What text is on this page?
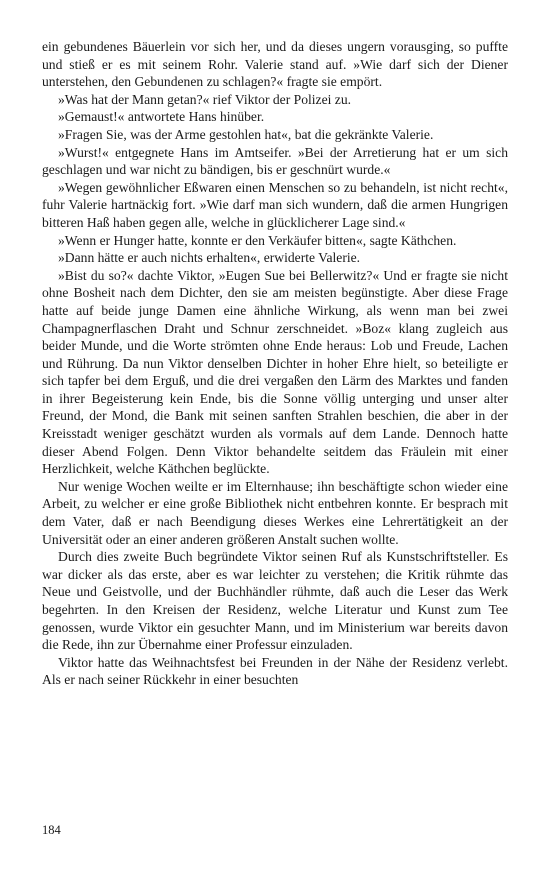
ein gebundenes Bäuerlein vor sich her, und da dieses ungern vorausging, so puffte und stieß er es mit seinem Rohr. Valerie stand auf. »Wie darf sich der Diener unterstehen, den Gebundenen zu schlagen?« fragte sie empört.

»Was hat der Mann getan?« rief Viktor der Polizei zu.

»Gemaust!« antwortete Hans hinüber.

»Fragen Sie, was der Arme gestohlen hat«, bat die gekränkte Valerie.

»Wurst!« entgegnete Hans im Amtseifer. »Bei der Arretierung hat er um sich geschlagen und war nicht zu bändigen, bis er geschnürt wurde.«

»Wegen gewöhnlicher Eßwaren einen Menschen so zu behandeln, ist nicht recht«, fuhr Valerie hartnäckig fort. »Wie darf man sich wundern, daß die armen Hungrigen bitteren Haß haben gegen alle, welche in glücklicherer Lage sind.«

»Wenn er Hunger hatte, konnte er den Verkäufer bitten«, sagte Käthchen.

»Dann hätte er auch nichts erhalten«, erwiderte Valerie.

»Bist du so?« dachte Viktor, »Eugen Sue bei Bellerwitz?« Und er fragte sie nicht ohne Bosheit nach dem Dichter, den sie am meisten begünstigte. Aber diese Frage hatte auf beide junge Damen eine ähnliche Wirkung, als wenn man bei zwei Champagnerflaschen Draht und Schnur zerschneidet. »Boz« klang zugleich aus beider Munde, und die Worte strömten ohne Ende heraus: Lob und Freude, Lachen und Rührung. Da nun Viktor denselben Dichter in hoher Ehre hielt, so beteiligte er sich tapfer bei dem Erguß, und die drei vergaßen den Lärm des Marktes und fanden in ihrer Begeisterung kein Ende, bis die Sonne völlig unterging und unser alter Freund, der Mond, die Bank mit seinen sanften Strahlen beschien, die aber in der Kreisstadt weniger geschätzt wurden als vormals auf dem Lande. Dennoch hatte dieser Abend Folgen. Denn Viktor behandelte seitdem das Fräulein mit einer Herzlichkeit, welche Käthchen beglückte.

Nur wenige Wochen weilte er im Elternhause; ihn beschäftigte schon wieder eine Arbeit, zu welcher er eine große Bibliothek nicht entbehren konnte. Er besprach mit dem Vater, daß er nach Beendigung dieses Werkes eine Lehrertätigkeit an der Universität oder an einer anderen größeren Anstalt suchen wollte.

Durch dies zweite Buch begründete Viktor seinen Ruf als Kunstschriftsteller. Es war dicker als das erste, aber es war leichter zu verstehen; die Kritik rühmte das Neue und Geistvolle, und der Buchhändler rühmte, daß auch die Leser das Werk begehrten. In den Kreisen der Residenz, welche Literatur und Kunst zum Tee genossen, wurde Viktor ein gesuchter Mann, und im Ministerium war bereits davon die Rede, ihn zur Übernahme einer Professur einzuladen.

Viktor hatte das Weihnachtsfest bei Freunden in der Nähe der Residenz verlebt. Als er nach seiner Rückkehr in einer besuchten

184
